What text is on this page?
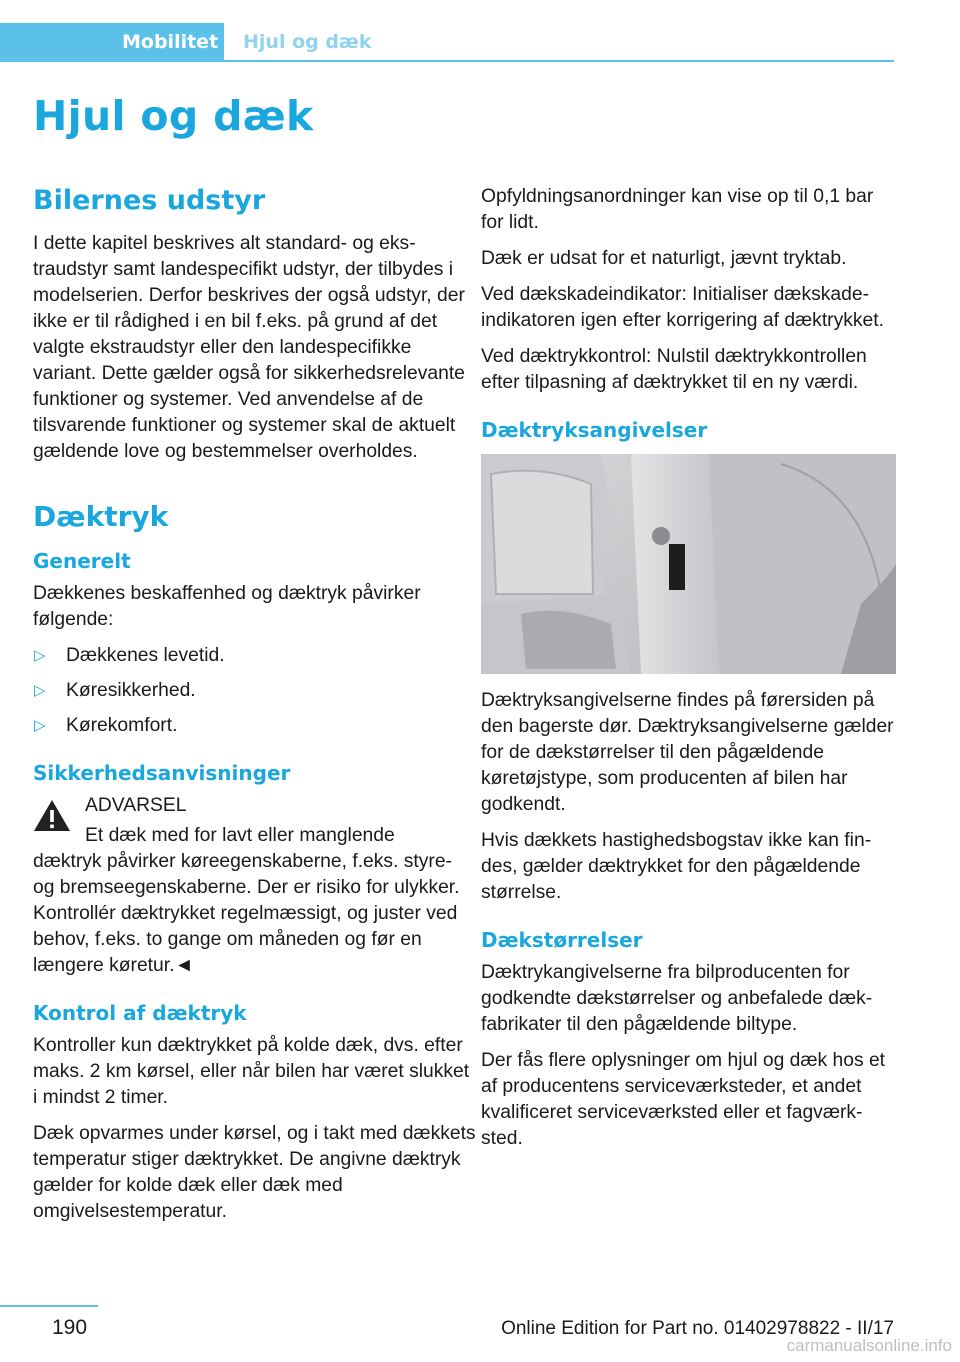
Mobilitet	Hjul og dæk
Hjul og dæk
Bilernes udstyr

I dette kapitel beskrives alt standard- og ekstraudstyr samt landespecifikt udstyr, der tilbydes i modelserien. Derfor beskrives der også udstyr, der ikke er til rådighed i en bil f.eks. på grund af det valgte ekstraudstyr eller den landespecifikke variant. Dette gælder også for sikkerhedsrelevante funktioner og systemer. Ved anvendelse af de tilsvarende funktioner og systemer skal de aktuelt gældende love og bestemmelser overholdes.

Dæktryk
Generelt

Dækkenes beskaffenhed og dæktryk påvirker følgende:

▷ Dækkenes levetid.
▷ Køresikkerhed.
▷ Kørekomfort.
Sikkerhedsanvisninger

ADVARSEL

Et dæk med for lavt eller manglende

dæktryk påvirker køreegenskaberne, f.eks. styre- og bremseegenskaberne. Der er risiko for ulykker. Kontrollér dæktrykket regelmæssigt, og juster ved behov, f.eks. to gange om måneden og før en længere køretur.◄

Kontrol af dæktryk

Kontroller kun dæktrykket på kolde dæk, dvs. efter maks. 2 km kørsel, eller når bilen har været slukket i mindst 2 timer.

Dæk opvarmes under kørsel, og i takt med dækkets temperatur stiger dæktrykket. De angivne dæktryk gælder for kolde dæk eller dæk med omgivelsestemperatur.

Opfyldningsanordninger kan vise op til 0,1 bar for lidt.

Dæk er udsat for et naturligt, jævnt tryktab.

Ved dækskadeindikator: Initialiser dækskadeindikatoren igen efter korrigering af dæktrykket.

Ved dæktrykkontrol: Nulstil dæktrykkontrollen efter tilpasning af dæktrykket til en ny værdi.

Dæktryksangivelser

Dæktryksangivelserne findes på førersiden på den bagerste dør. Dæktryksangivelserne gælder for de dækstørrelser til den pågældende køretøjstype, som producenten af bilen har godkendt.

Hvis dækkets hastighedsbogstav ikke kan findes, gælder dæktrykket for den pågældende størrelse.

Dækstørrelser

Dæktrykangivelserne fra bilproducenten for godkendte dækstørrelser og anbefalede dækfabrikater til den pågældende biltype.

Der fås flere oplysninger om hjul og dæk hos et af producentens serviceværksteder, et andet kvalificeret serviceværksted eller et fagværksted.

190	Online Edition for Part no. 01402978822 - II/17
carmanualsonline.info
